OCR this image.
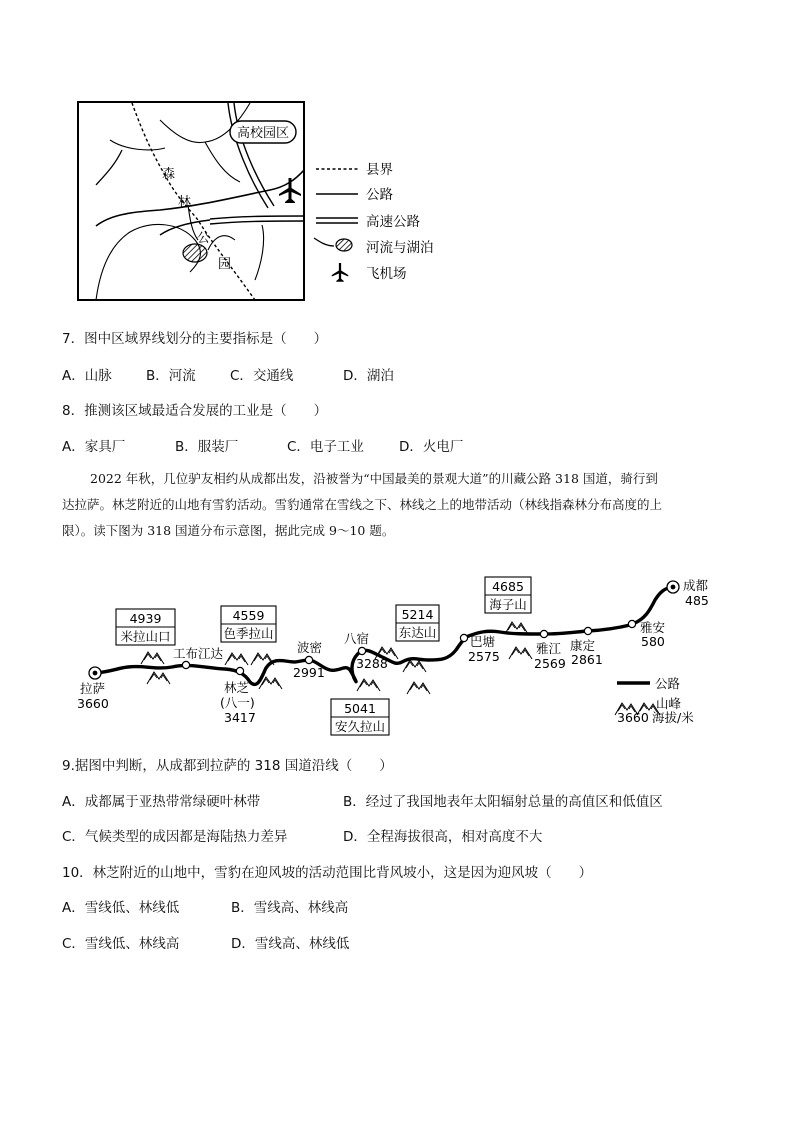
高校园区
森
林
公
园
县界
公路
高速公路
河流与湖泊
飞机场
7．图中区域界线划分的主要指标是（　　）
A．山脉	B．河流	C．交通线	D．湖泊
8．推测该区域最适合发展的工业是（　　）
A．家具厂	B．服装厂	C．电子工业	D．火电厂
2022 年秋，几位驴友相约从成都出发，沿被誉为“中国最美的景观大道”的川藏公路 318 国道，骑行到
达拉萨。林芝附近的山地有雪豹活动。雪豹通常在雪线之下、林线之上的地带活动（林线指森林分布高度的上
限）。读下图为 318 国道分布示意图，据此完成 9～10 题。
拉萨
3660
工布江达
林芝
(八一)
3417
波密
2991
八宿
3288
巴塘
2575
雅江
2569
康定
2861
雅安
580
成都
485
4939
米拉山口
4559
色季拉山
5041
安久拉山
5214
东达山
4685
海子山
公路
山峰
3660 海拔/米
9.据图中判断，从成都到拉萨的 318 国道沿线（　　）
A．成都属于亚热带常绿硬叶林带	B．经过了我国地表年太阳辐射总量的高值区和低值区
C．气候类型的成因都是海陆热力差异	D．全程海拔很高，相对高度不大
10．林芝附近的山地中，雪豹在迎风坡的活动范围比背风坡小，这是因为迎风坡（　　）
A．雪线低、林线低	B．雪线高、林线高
C．雪线低、林线高	D．雪线高、林线低
